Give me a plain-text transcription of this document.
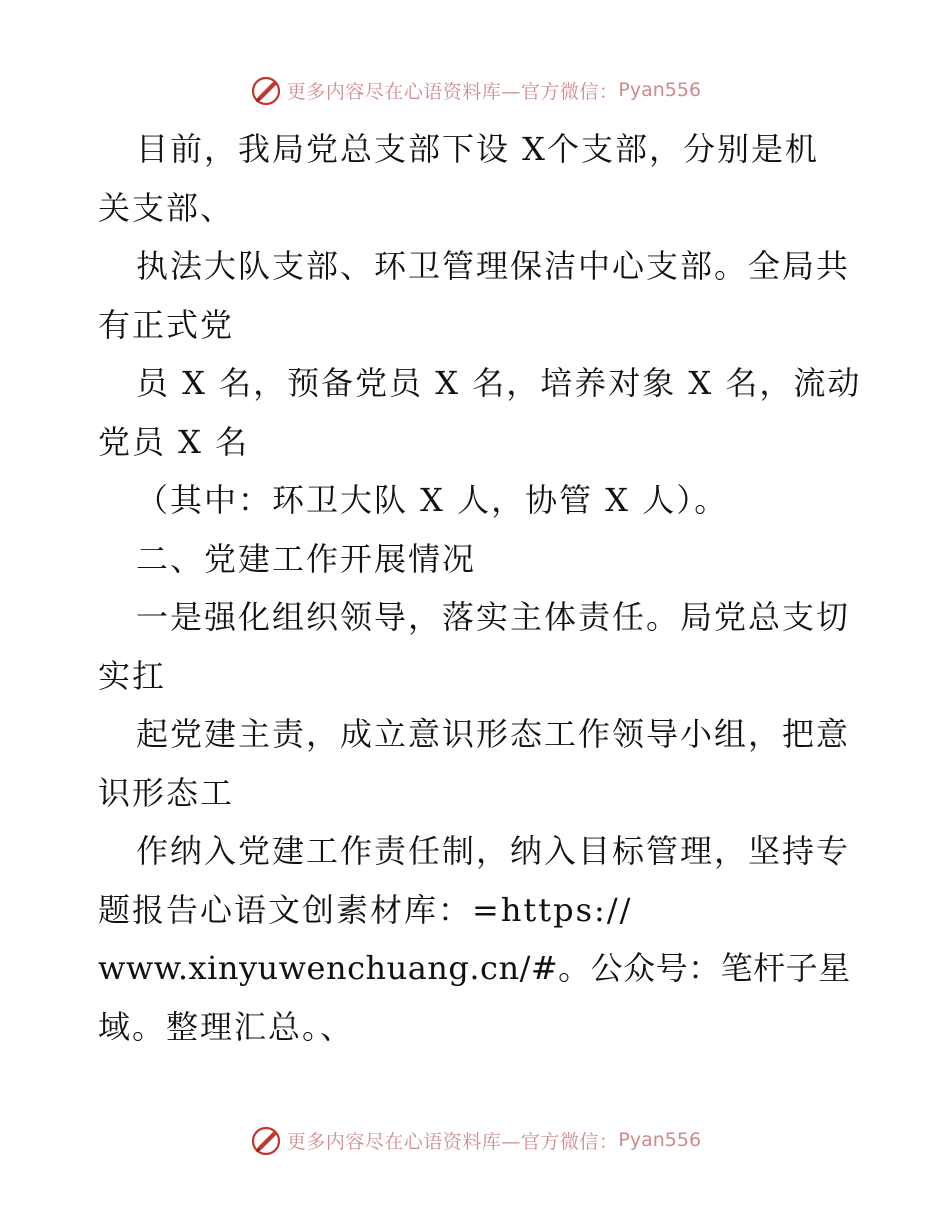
更多内容尽在心语资料库—官方微信： Pyan556
目前，我局党总支部下设 X个支部，分别是机
关支部、
执法大队支部、环卫管理保洁中心支部。全局共
有正式党
员 X 名，预备党员 X 名，培养对象 X 名，流动
党员 X 名
（其中：环卫大队 X 人，协管 X 人）。
二、党建工作开展情况
一是强化组织领导，落实主体责任。局党总支切
实扛
起党建主责，成立意识形态工作领导小组，把意
识形态工
作纳入党建工作责任制，纳入目标管理，坚持专
题报告心语文创素材库：=https://
www.xinyuwenchuang.cn/#。公众号：笔杆子星
域。整理汇总。、
更多内容尽在心语资料库—官方微信： Pyan556
